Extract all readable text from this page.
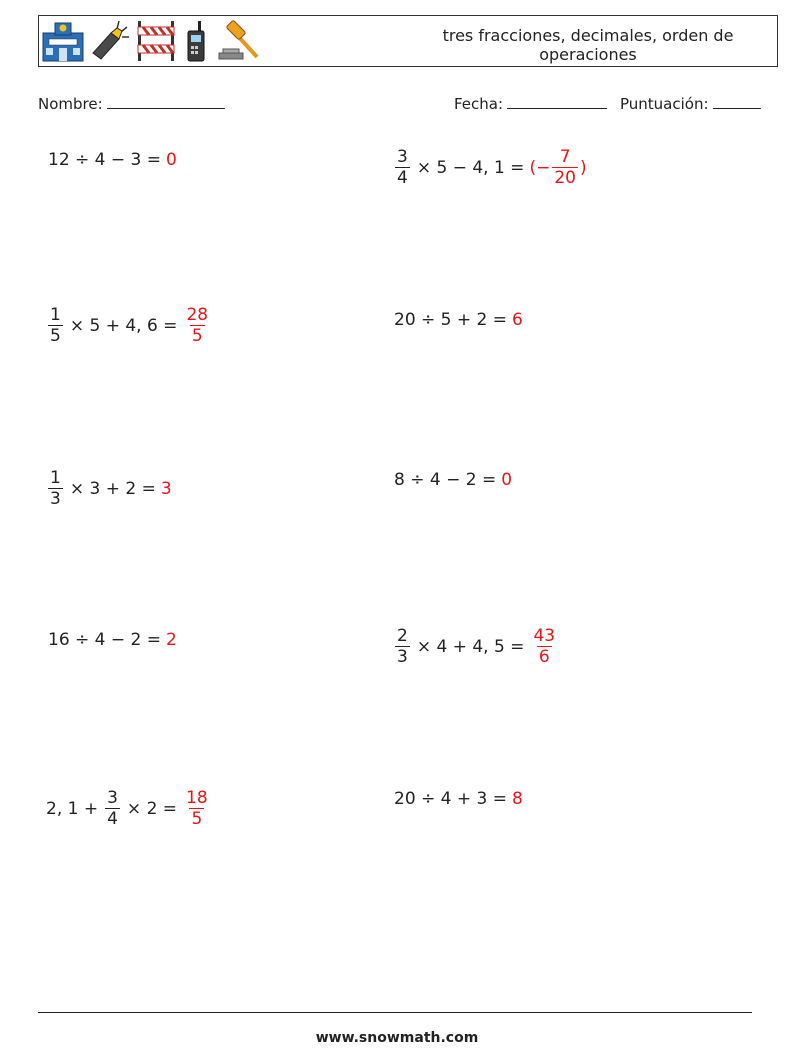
tres fracciones, decimales, orden de operaciones
Nombre:	Fecha:	Puntuación:
12 ÷ 4 − 3 = 0
$\frac{1}{5} \times 5 + 4$, $6 = \frac{28}{5}$
$\frac{1}{3} \times 3 + 2 = 3$
16 ÷ 4 − 2 = 2
2, $1 + \frac{3}{4} \times 2 = \frac{18}{5}$
$\frac{3}{4} \times 5 - 4$, 1 = (− $\frac{7}{20}$ )
20 ÷ 5 + 2 = 6
8 ÷ 4 − 2 = 0
$\frac{2}{3} \times 4 + 4$, $5 = \frac{43}{6}$
20 ÷ 4 + 3 = 8
www.snowmath.com
